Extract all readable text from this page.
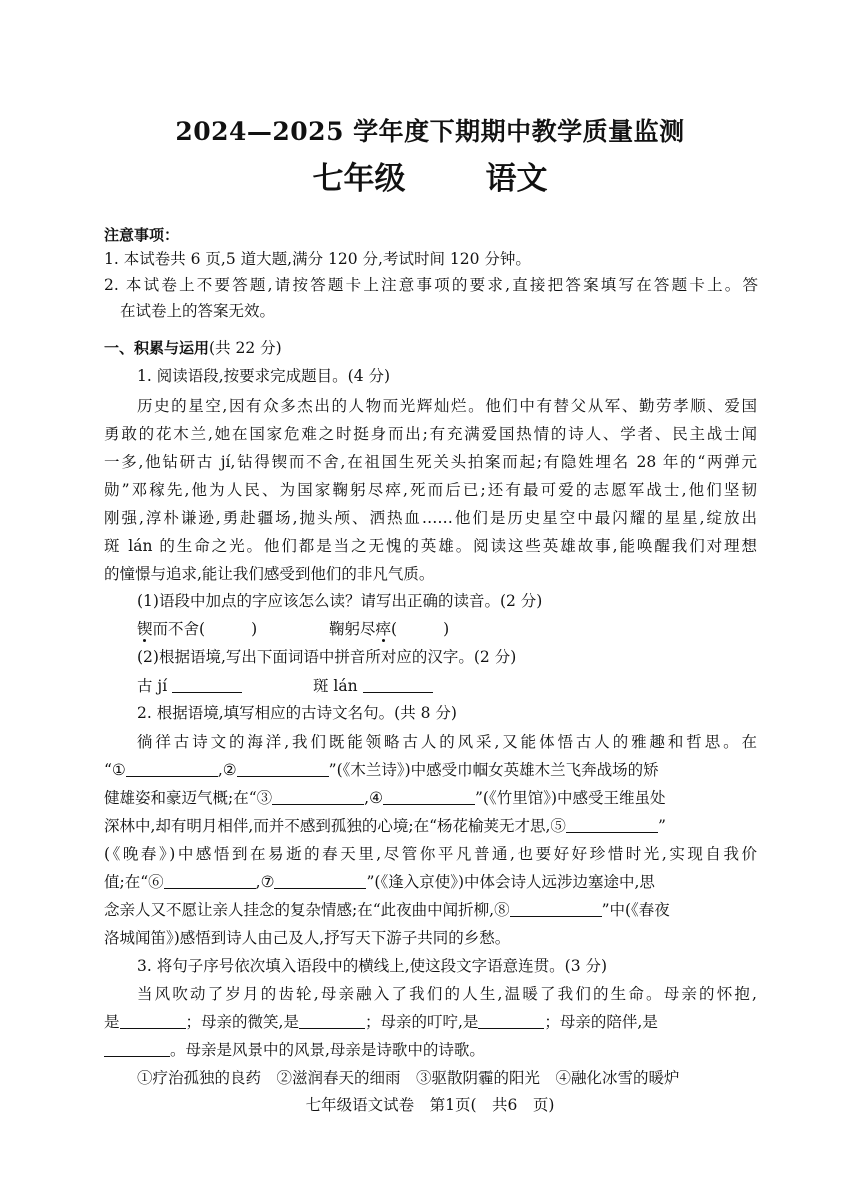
2024—2025 学年度下期期中教学质量监测
七年级	语文
注意事项：
1. 本试卷共 6 页,5 道大题,满分 120 分,考试时间 120 分钟。
2. 本试卷上不要答题,请按答题卡上注意事项的要求,直接把答案填写在答题卡上。答
在试卷上的答案无效。
一、积累与运用(共 22 分)
1. 阅读语段,按要求完成题目。(4 分)
历史的星空,因有众多杰出的人物而光辉灿烂。他们中有替父从军、勤劳孝顺、爱国
勇敢的花木兰,她在国家危难之时挺身而出;有充满爱国热情的诗人、学者、民主战士闻
一多,他钻研古 jí,钻得锲而不舍,在祖国生死关头拍案而起;有隐姓埋名 28 年的“两弹元
勋”邓稼先,他为人民、为国家鞠躬尽瘁,死而后已;还有最可爱的志愿军战士,他们坚韧
刚强,淳朴谦逊,勇赴疆场,抛头颅、洒热血……他们是历史星空中最闪耀的星星,绽放出
斑 lán 的生命之光。他们都是当之无愧的英雄。阅读这些英雄故事,能唤醒我们对理想
的憧憬与追求,能让我们感受到他们的非凡气质。
(1)语段中加点的字应该怎么读？请写出正确的读音。(2 分)
锲而不舍(	)	鞠躬尽瘁(	)
(2)根据语境,写出下面词语中拼音所对应的汉字。(2 分)
古 jí	斑 lán
2. 根据语境,填写相应的古诗文名句。(共 8 分)
徜徉古诗文的海洋,我们既能领略古人的风采,又能体悟古人的雅趣和哲思。在
“①	,②	”(《木兰诗》)中感受巾帼女英雄木兰飞奔战场的矫
健雄姿和豪迈气概;在“③	,④	”(《竹里馆》)中感受王维虽处
深林中,却有明月相伴,而并不感到孤独的心境;在“杨花榆荚无才思,⑤	”
(《晚春》)中感悟到在易逝的春天里,尽管你平凡普通,也要好好珍惜时光,实现自我价
值;在“⑥	,⑦	”(《逢入京使》)中体会诗人远涉边塞途中,思
念亲人又不愿让亲人挂念的复杂情感;在“此夜曲中闻折柳,⑧	”中(《春夜
洛城闻笛》)感悟到诗人由己及人,抒写天下游子共同的乡愁。
3. 将句子序号依次填入语段中的横线上,使这段文字语意连贯。(3 分)
当风吹动了岁月的齿轮,母亲融入了我们的人生,温暖了我们的生命。母亲的怀抱,
是	；母亲的微笑,是	；母亲的叮咛,是	；母亲的陪伴,是
。母亲是风景中的风景,母亲是诗歌中的诗歌。
①疗治孤独的良药　②滋润春天的细雨　③驱散阴霾的阳光　④融化冰雪的暖炉
七年级语文试卷　第1页(　共6　页)
